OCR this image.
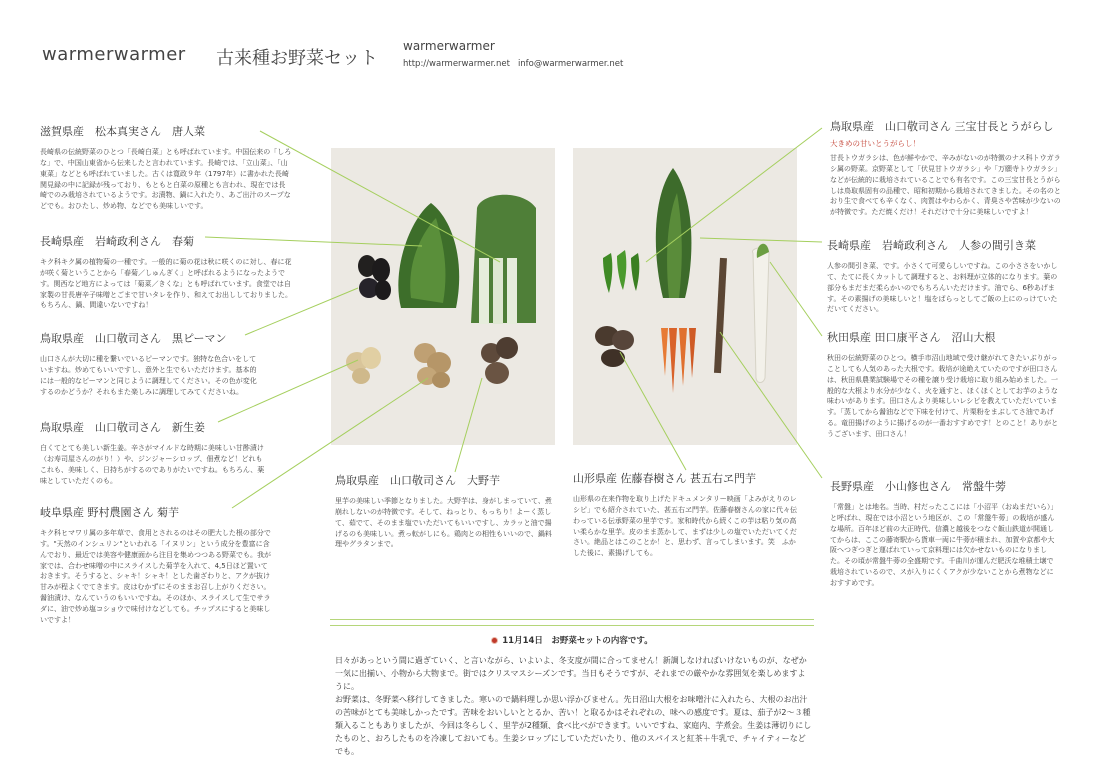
warmerwarmer 古来種お野菜セット
warmerwarmer
http://warmerwarmer.net info@warmerwarmer.net
滋賀県産　松本真実さん　唐人菜
長崎県の伝統野菜のひとつ「長崎白菜」とも呼ばれています。中国伝来の「しろな」で、中国山東省から伝来したと言われています。長崎では、「立山菜」、「山東菜」などとも呼ばれていました。古くは寛政９年（1797年）に書かれた長崎関見録の中に記録が残っており、もともと白菜の原種とも言われ、現在では長崎でのみ栽培されているようです。お漬物、鍋に入れたり、あご出汁のスープなどでも。おひたし、炒め物、などでも美味しいです。
長崎県産　岩崎政利さん　春菊
キク科キク属の植物菊の一種です。一般的に菊の花は秋に咲くのに対し、春に花が咲く菊ということから「春菊／しゅんぎく」と呼ばれるようになったようです。関西など地方によっては「菊菜／きくな」とも呼ばれています。食堂では自家製の甘長唐辛子味噌とごまで甘いタレを作り、和えてお出ししておりました。もちろん、鍋、間違いないですね！
鳥取県産　山口敬司さん　黒ピーマン
山口さんが大切に種を繋いでいるピーマンです。独特な色合いをしていますね。炒めてもいいですし、意外と生でもいただけます。基本的には一般的なピーマンと同じように調理してください。その色が変化するのかどうか？それもまた楽しみに調理してみてくださいね。
鳥取県産　山口敬司さん　新生姜
白くてとても美しい新生姜。辛さがマイルドな時期に美味しい甘酢漬け（お寿司屋さんのがり！）や、ジンジャーシロップ、佃煮など！どれもこれも、美味しく、日持ちがするのでありがたいですね。もちろん、薬味としていただくのも。
岐阜県産 野村農園さん 菊芋
キク科ヒマワリ属の多年草で、食用とされるのはその肥大した根の部分です。"天然のインシュリン"といわれる「イヌリン」という成分を豊富に含んでおり、最近では美容や健康面から注目を集めつつある野菜でも。我が家では、合わせ味噌の中にスライスした菊芋を入れて、4,5日ほど置いておきます。そうすると、シャキ！シャキ！とした歯ざわりと、アクが抜け甘みが程よくでてきます。皮はむかずにそのままお召し上がりください。醤油漬け、なんていうのもいいですね。そのほか、スライスして生でサラダに、油で炒め塩コショウで味付けなどしても。チップスにすると美味しいですよ！
鳥取県産　山口敬司さん　大野芋
里芋の美味しい季節となりました。大野芋は、身がしまっていて、煮崩れしないのが特徴です。そして、ねっとり、もっちり！よーく蒸して、茹でて、そのまま塩でいただいてもいいですし、カラッと油で揚げるのも美味しい。煮っ転がしにも。鶏肉との相性もいいので、鍋料理やグラタンまで。
山形県産 佐藤春樹さん 甚五右ヱ門芋
山形県の在来作物を取り上げたドキュメンタリー映画「よみがえりのレシピ」でも紹介されていた、甚五右ヱ門芋。佐藤春樹さんの家に代々伝わっている伝承野菜の里芋です。家和時代から続くこの芋は粘り気の高い柔らかな里芋。皮のまま蒸かして、まずは少しの塩でいただいてください。絶品とはこのことか！と、思わず、言ってしまいます。笑　ふかした後に、素揚げしても。
鳥取県産　山口敬司さん 三宝甘長とうがらし
大きめの甘いとうがらし！
甘長トウガラシは、色が鮮やかで、辛みがないのが特徴のナス科トウガラシ属の野菜。京野菜として「伏見甘トウガラシ」や「万願寺トウガラシ」などが伝統的に栽培されていることでも有名です。この三宝甘長とうがらしは鳥取県固有の品種で、昭和初期から栽培されてきました。その名のとおり生で食べても辛くなく、肉質はやわらかく、青臭さや苦味が少ないのが特徴です。ただ焼くだけ！それだけで十分に美味しいですよ！
長崎県産　岩崎政利さん　人参の間引き菜
人参の間引き菜、です。小さくて可愛らしいですね。この小ささをいかして、たてに長くカットして調理すると、お料理が立体的になります。葉の部分もまだまだ柔らかいのでもちろんいただけます。油でら、6秒あげます。その素揚げの美味しいと！塩をぱらっとしてご飯の上にのっけていただいてください。
秋田県産 田口康平さん　沼山大根
秋田の伝統野菜のひとつ。横手市沼山地域で受け継がれてきたいぶりがっことしても人気のあった大根です。栽培が途絶えていたのですが田口さんは、秋田県農業試験場でその種を譲り受け栽培に取り組み始めました。一般的な大根より水分が少なく、火を通すと、ほくほくとしてお芋のような味わいがあります。田口さんより美味しいレシピを教えていただいています。「蒸してから醤油などで下味を付けて、片栗粉をまぶしてさ油であげる。竜田揚げのように揚げるのが一番おすすめです！とのこと！ありがとうございます、田口さん！
長野県産　小山修也さん　常盤牛蒡
「常盤」とは地名。当時、村だったここには「小沼平（おぬまだいら）」と呼ばれ、現在では小沼という地区が、この「常盤牛蒡」の栽培が盛んな場所。百年ほど前の大正時代、信濃と越後をつなぐ飯山鉄道が開通してからは、ここの藤寄駅から貨車一両に牛蒡が積まれ、加賀や京都や大阪へつぎつぎと運ばれていって京料理には欠かせないものになりました。その頃が常盤牛蒡の全盛期です。千曲川が運んだ肥沃な堆積土壌で栽培されているので、スが入りにくくアクが少ないことから煮物などにおすすめです。
11月14日　お野菜セットの内容です。

日々があっという間に過ぎていく、と言いながら、いよいよ、冬支度が間に合ってません！新調しなければいけないものが、なぜか一気に出揃い、小物から大物まで。街ではクリスマスシーズンです。当日もそうですが、それまでの厳やかな雰囲気を楽しめますように。

お野菜は、冬野菜へ移行してきました。寒いので鍋料理しか思い浮かびません。先日沼山大根をお味噌汁に入れたら、大根のお出汁の苦味がとても美味しかったです。苦味をおいしいととるか、苦い！と取るかはそれぞれの、味への感度です。夏は、茄子が2〜３種類入ることもありましたが、今回は冬らしく、里芋が2種類、食べ比べができます。いいですね、家庭内、芋煮会。生姜は薄切りにしたものと、おろしたものを冷凍しておいても。生姜シロップにしていただいたり、他のスパイスと紅茶＋牛乳で、チャイティーなどでも。
